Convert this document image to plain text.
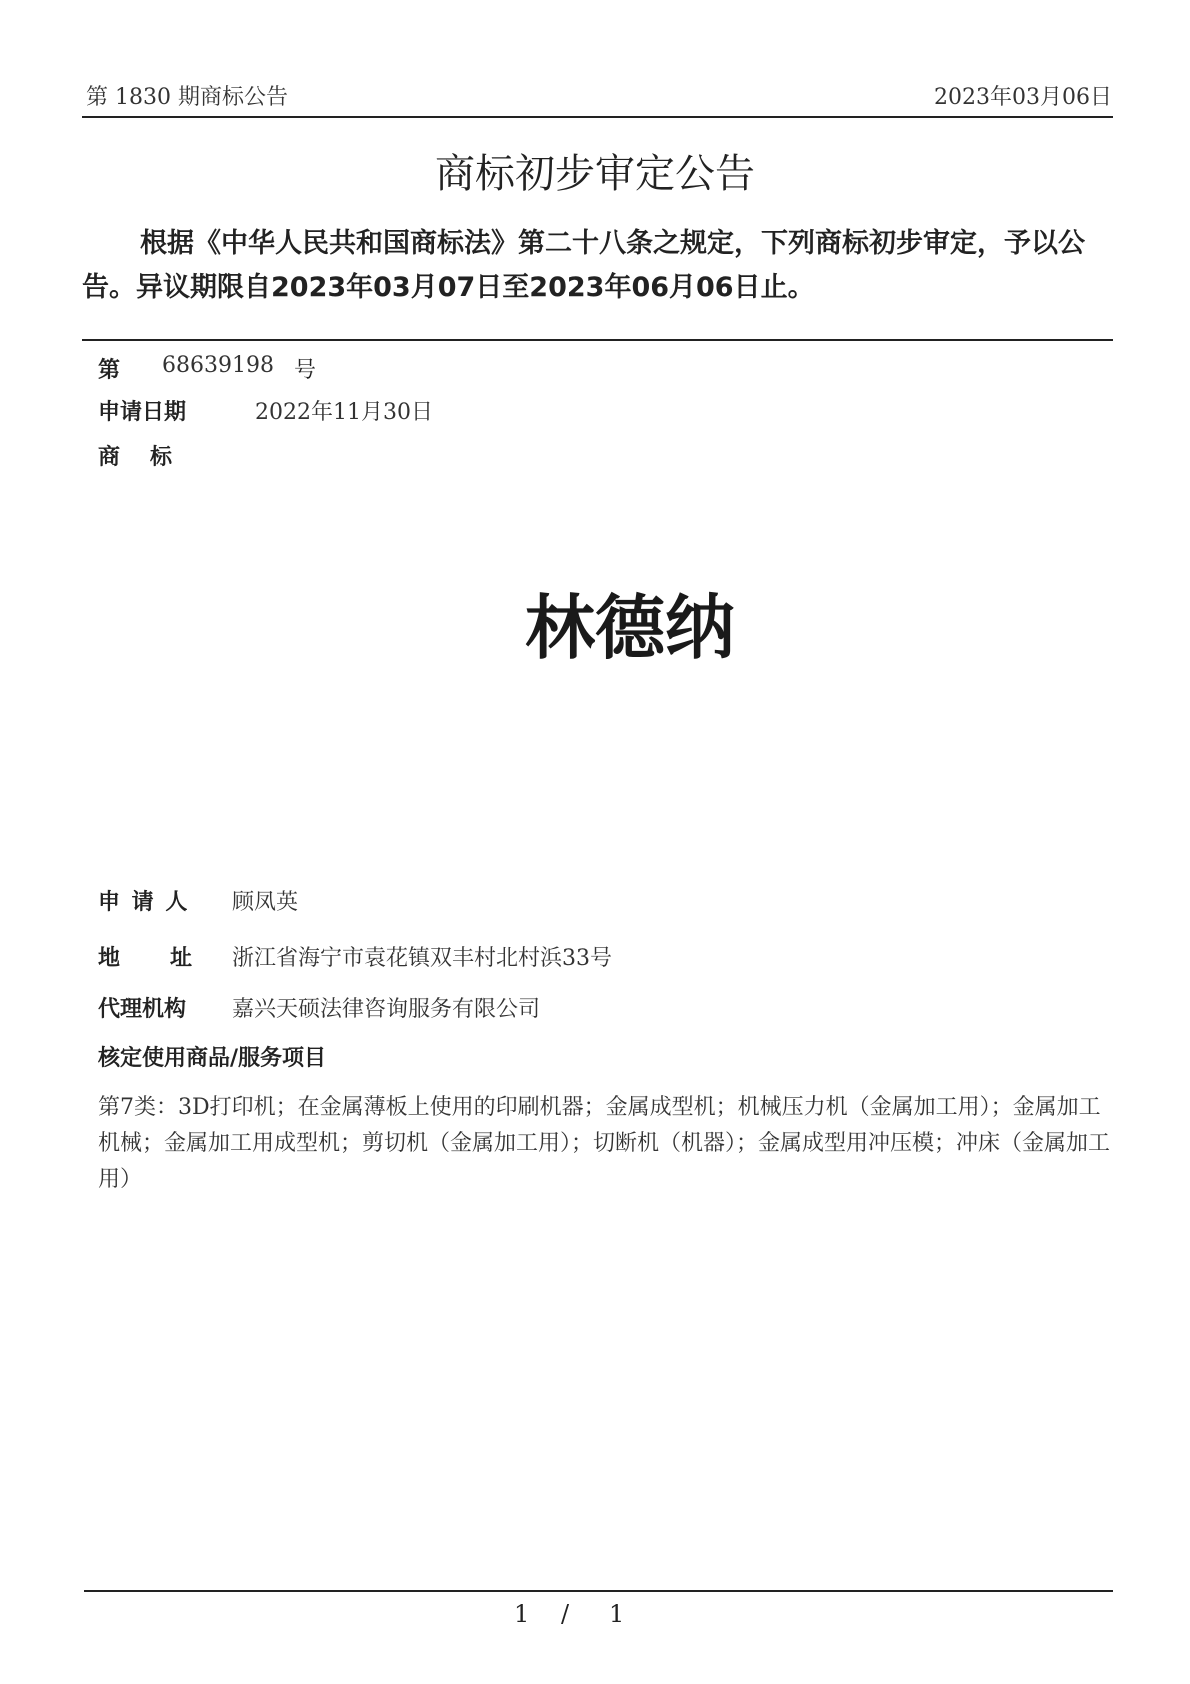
第 1830 期商标公告	2023年03月06日
商标初步审定公告
根据《中华人民共和国商标法》第二十八条之规定，下列商标初步审定，予以公告。异议期限自2023年03月07日至2023年06月06日止。
第 68639198 号
申请日期	2022年11月30日
商　标
林德纳
申 请 人 顾凤英
地　址 浙江省海宁市袁花镇双丰村北村浜33号
代理机构 嘉兴天硕法律咨询服务有限公司
核定使用商品/服务项目
第7类：3D打印机；在金属薄板上使用的印刷机器；金属成型机；机械压力机（金属加工用）；金属加工机械；金属加工用成型机；剪切机（金属加工用）；切断机（机器）；金属成型用冲压模；冲床（金属加工用）
1 / 1
